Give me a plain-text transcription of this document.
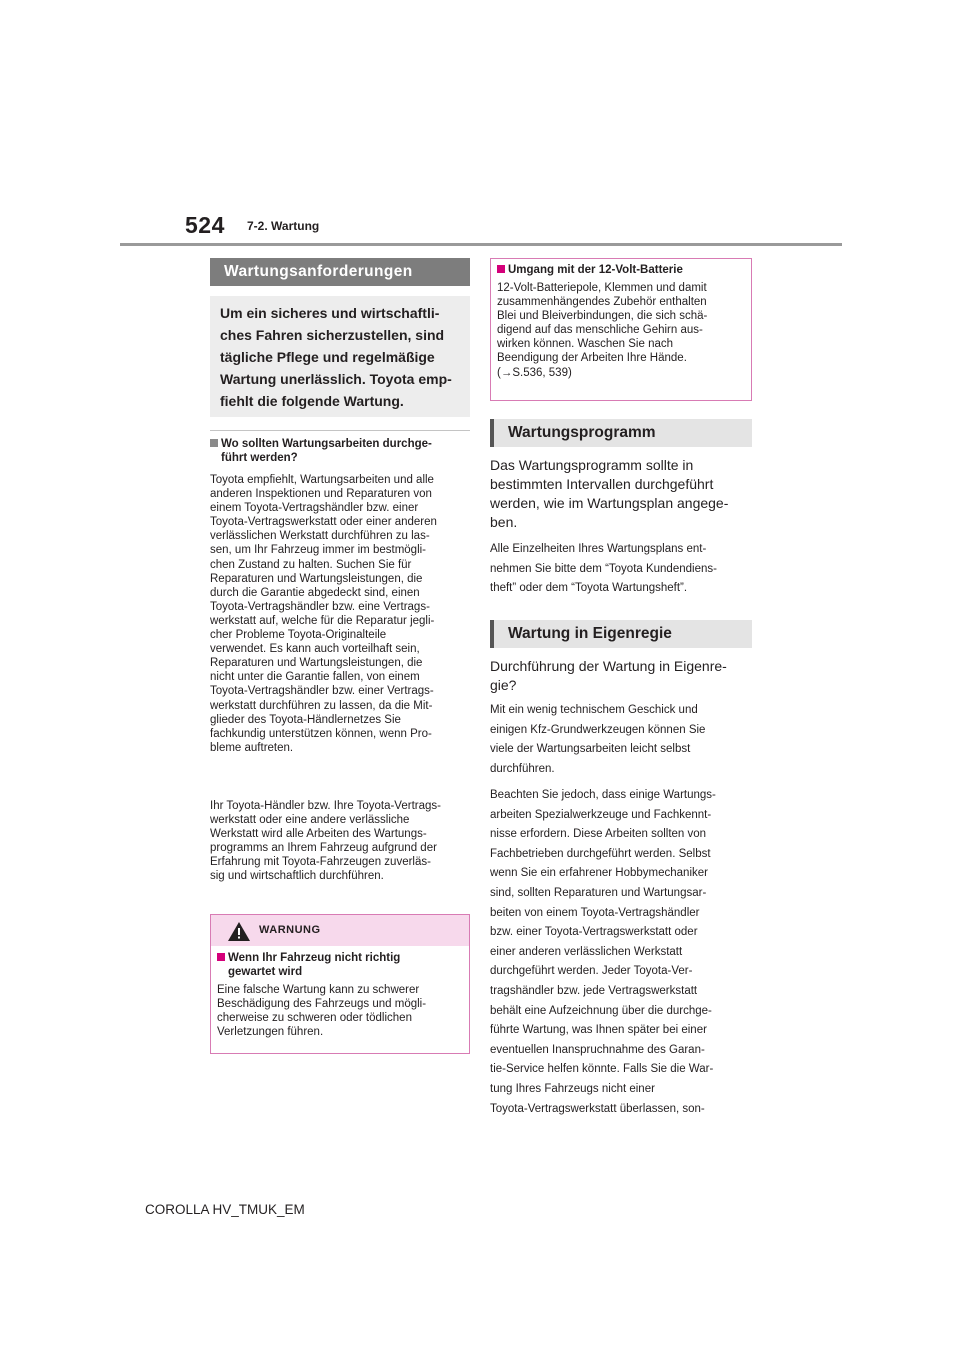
524 7-2. Wartung
Wartungsanforderungen
Um ein sicheres und wirtschaftli-
ches Fahren sicherzustellen, sind
tägliche Pflege und regelmäßige
Wartung unerlässlich. Toyota emp-
fiehlt die folgende Wartung.
Wo sollten Wartungsarbeiten durchge-
führt werden?
Toyota empfiehlt, Wartungsarbeiten und alle
anderen Inspektionen und Reparaturen von
einem Toyota-Vertragshändler bzw. einer
Toyota-Vertragswerkstatt oder einer anderen
verlässlichen Werkstatt durchführen zu las-
sen, um Ihr Fahrzeug immer im bestmögli-
chen Zustand zu halten. Suchen Sie für
Reparaturen und Wartungsleistungen, die
durch die Garantie abgedeckt sind, einen
Toyota-Vertragshändler bzw. eine Vertrags-
werkstatt auf, welche für die Reparatur jegli-
cher Probleme Toyota-Originalteile
verwendet. Es kann auch vorteilhaft sein,
Reparaturen und Wartungsleistungen, die
nicht unter die Garantie fallen, von einem
Toyota-Vertragshändler bzw. einer Vertrags-
werkstatt durchführen zu lassen, da die Mit-
glieder des Toyota-Händlernetzes Sie
fachkundig unterstützen können, wenn Pro-
bleme auftreten.
Ihr Toyota-Händler bzw. Ihre Toyota-Vertrags-
werkstatt oder eine andere verlässliche
Werkstatt wird alle Arbeiten des Wartungs-
programms an Ihrem Fahrzeug aufgrund der
Erfahrung mit Toyota-Fahrzeugen zuverläs-
sig und wirtschaftlich durchführen.
WARNUNG
Wenn Ihr Fahrzeug nicht richtig
gewartet wird
Eine falsche Wartung kann zu schwerer
Beschädigung des Fahrzeugs und mögli-
cherweise zu schweren oder tödlichen
Verletzungen führen.
Umgang mit der 12-Volt-Batterie
12-Volt-Batteriepole, Klemmen und damit
zusammenhängendes Zubehör enthalten
Blei und Bleiverbindungen, die sich schä-
digend auf das menschliche Gehirn aus-
wirken können. Waschen Sie nach
Beendigung der Arbeiten Ihre Hände.
(→S.536, 539)
Wartungsprogramm
Das Wartungsprogramm sollte in
bestimmten Intervallen durchgeführt
werden, wie im Wartungsplan angege-
ben.
Alle Einzelheiten Ihres Wartungsplans ent-
nehmen Sie bitte dem “Toyota Kundendiens-
theft” oder dem “Toyota Wartungsheft”.
Wartung in Eigenregie
Durchführung der Wartung in Eigenre-
gie?
Mit ein wenig technischem Geschick und
einigen Kfz-Grundwerkzeugen können Sie
viele der Wartungsarbeiten leicht selbst
durchführen.
Beachten Sie jedoch, dass einige Wartungs-
arbeiten Spezialwerkzeuge und Fachkennt-
nisse erfordern. Diese Arbeiten sollten von
Fachbetrieben durchgeführt werden. Selbst
wenn Sie ein erfahrener Hobbymechaniker
sind, sollten Reparaturen und Wartungsar-
beiten von einem Toyota-Vertragshändler
bzw. einer Toyota-Vertragswerkstatt oder
einer anderen verlässlichen Werkstatt
durchgeführt werden. Jeder Toyota-Ver-
tragshändler bzw. jede Vertragswerkstatt
behält eine Aufzeichnung über die durchge-
führte Wartung, was Ihnen später bei einer
eventuellen Inanspruchnahme des Garan-
tie-Service helfen könnte. Falls Sie die War-
tung Ihres Fahrzeugs nicht einer
Toyota-Vertragswerkstatt überlassen, son-
COROLLA HV_TMUK_EM
